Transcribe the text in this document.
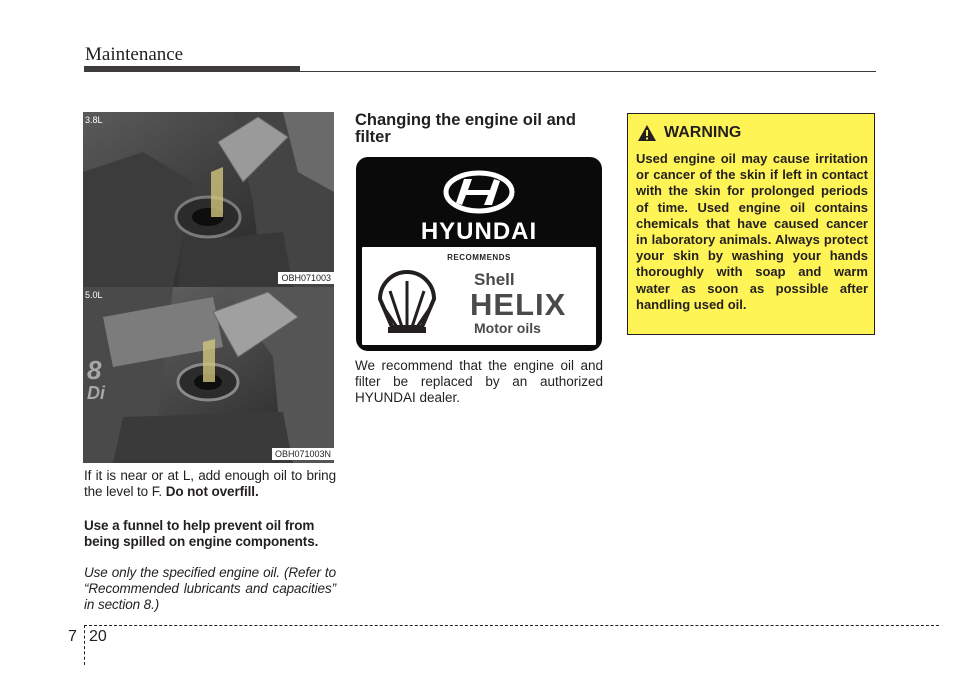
Maintenance
3.8L
OBH071003
8
Di
5.0L
OBH071003N

If it is near or at L, add enough oil to bring the level to F. Do not overfill.

Use a funnel to help prevent oil from being spilled on engine components.

Use only the specified engine oil. (Refer to “Recommended lubricants and capacities” in section 8.)

Changing the engine oil and filter
HYUNDAI
RECOMMENDS
Shell
HELIX
Motor oils

We recommend that the engine oil and filter be replaced by an authorized HYUNDAI dealer.

WARNING

Used engine oil may cause irritation or cancer of the skin if left in contact with the skin for prolonged periods of time. Used engine oil contains chemicals that have caused cancer in laboratory animals. Always protect your skin by washing your hands thoroughly with soap and warm water as soon as possible after handling used oil.

7 20
